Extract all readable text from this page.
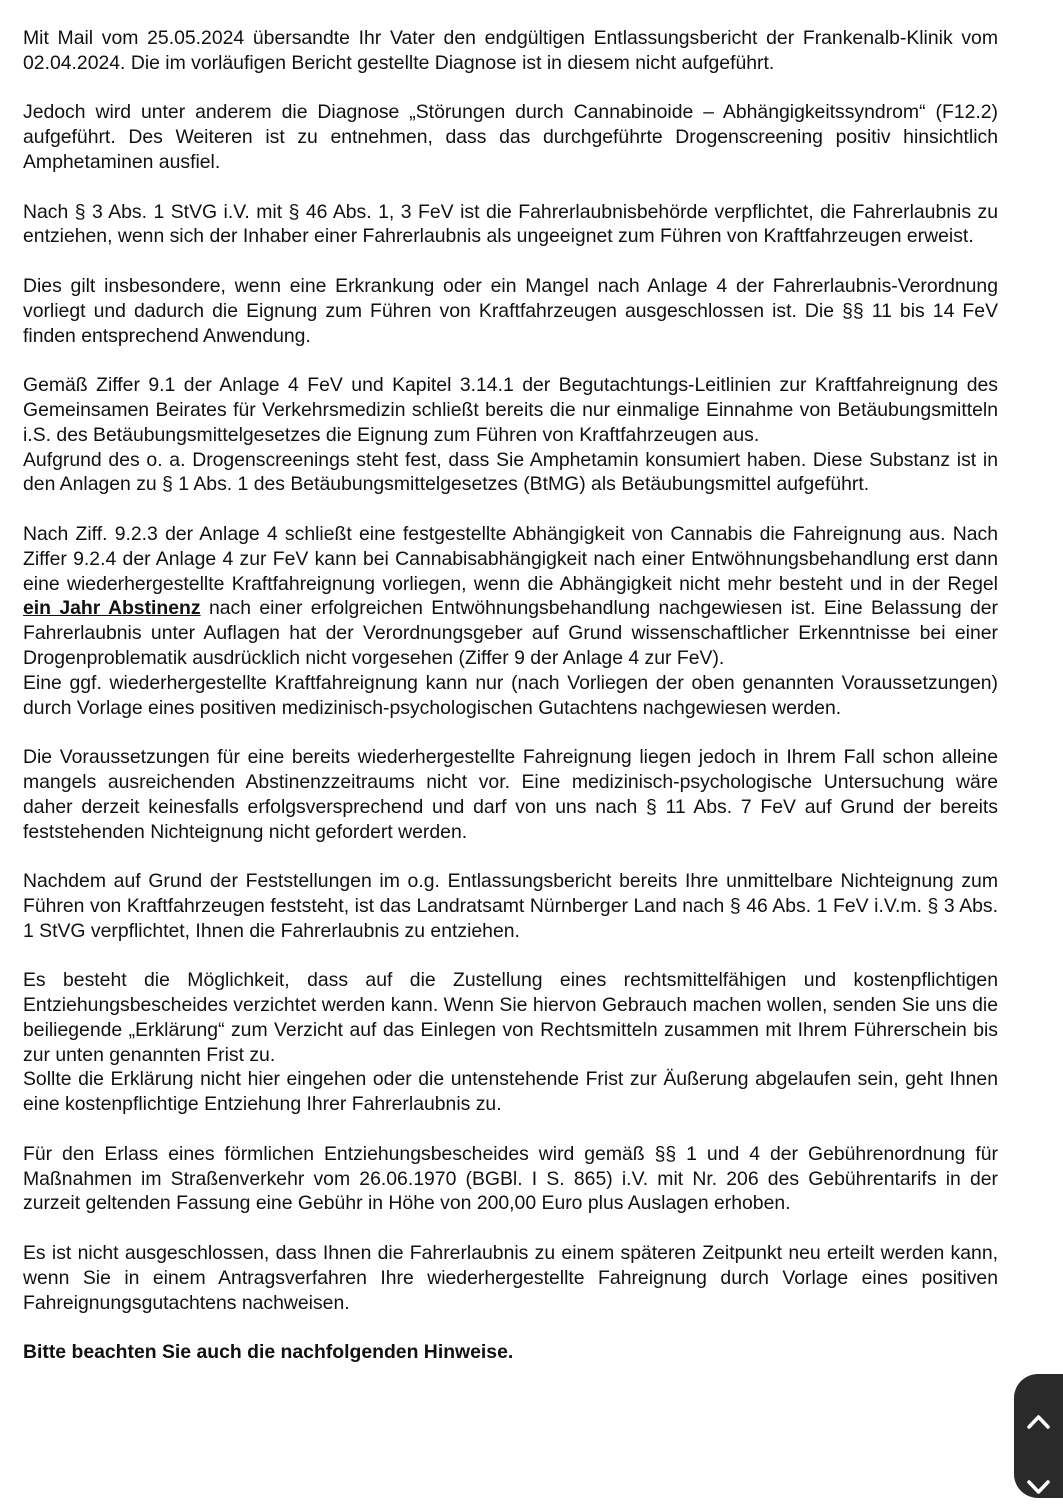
Mit Mail vom 25.05.2024 übersandte Ihr Vater den endgültigen Entlassungsbericht der Frankenalb-Klinik vom 02.04.2024. Die im vorläufigen Bericht gestellte Diagnose ist in diesem nicht aufgeführt.

Jedoch wird unter anderem die Diagnose „Störungen durch Cannabinoide – Abhängigkeitssyndrom“ (F12.2) aufgeführt. Des Weiteren ist zu entnehmen, dass das durchgeführte Drogenscreening positiv hinsichtlich Amphetaminen ausfiel.

Nach § 3 Abs. 1 StVG i.V. mit § 46 Abs. 1, 3 FeV ist die Fahrerlaubnisbehörde verpflichtet, die Fahrerlaubnis zu entziehen, wenn sich der Inhaber einer Fahrerlaubnis als ungeeignet zum Führen von Kraftfahrzeugen erweist.

Dies gilt insbesondere, wenn eine Erkrankung oder ein Mangel nach Anlage 4 der Fahrerlaubnis-Verordnung vorliegt und dadurch die Eignung zum Führen von Kraftfahrzeugen ausgeschlossen ist. Die §§ 11 bis 14 FeV finden entsprechend Anwendung.

Gemäß Ziffer 9.1 der Anlage 4 FeV und Kapitel 3.14.1 der Begutachtungs-Leitlinien zur Kraftfahreignung des Gemeinsamen Beirates für Verkehrsmedizin schließt bereits die nur einmalige Einnahme von Betäubungsmitteln i.S. des Betäubungsmittelgesetzes die Eignung zum Führen von Kraftfahrzeugen aus.

Aufgrund des o. a. Drogenscreenings steht fest, dass Sie Amphetamin konsumiert haben. Diese Substanz ist in den Anlagen zu § 1 Abs. 1 des Betäubungsmittelgesetzes (BtMG) als Betäubungsmittel aufgeführt.

Nach Ziff. 9.2.3 der Anlage 4 schließt eine festgestellte Abhängigkeit von Cannabis die Fahreignung aus. Nach Ziffer 9.2.4 der Anlage 4 zur FeV kann bei Cannabisabhängigkeit nach einer Entwöhnungsbehandlung erst dann eine wiederhergestellte Kraftfahreignung vorliegen, wenn die Abhängigkeit nicht mehr besteht und in der Regel ein Jahr Abstinenz nach einer erfolgreichen Entwöhnungsbehandlung nachgewiesen ist. Eine Belassung der Fahrerlaubnis unter Auflagen hat der Verordnungsgeber auf Grund wissenschaftlicher Erkenntnisse bei einer Drogenproblematik ausdrücklich nicht vorgesehen (Ziffer 9 der Anlage 4 zur FeV).

Eine ggf. wiederhergestellte Kraftfahreignung kann nur (nach Vorliegen der oben genannten Voraussetzungen) durch Vorlage eines positiven medizinisch-psychologischen Gutachtens nachgewiesen werden.

Die Voraussetzungen für eine bereits wiederhergestellte Fahreignung liegen jedoch in Ihrem Fall schon alleine mangels ausreichenden Abstinenzzeitraums nicht vor. Eine medizinisch-psychologische Untersuchung wäre daher derzeit keinesfalls erfolgsversprechend und darf von uns nach § 11 Abs. 7 FeV auf Grund der bereits feststehenden Nichteignung nicht gefordert werden.

Nachdem auf Grund der Feststellungen im o.g. Entlassungsbericht bereits Ihre unmittelbare Nichteignung zum Führen von Kraftfahrzeugen feststeht, ist das Landratsamt Nürnberger Land nach § 46 Abs. 1 FeV i.V.m. § 3 Abs. 1 StVG verpflichtet, Ihnen die Fahrerlaubnis zu entziehen.

Es besteht die Möglichkeit, dass auf die Zustellung eines rechtsmittelfähigen und kostenpflichtigen Entziehungsbescheides verzichtet werden kann. Wenn Sie hiervon Gebrauch machen wollen, senden Sie uns die beiliegende „Erklärung“ zum Verzicht auf das Einlegen von Rechtsmitteln zusammen mit Ihrem Führerschein bis zur unten genannten Frist zu.

Sollte die Erklärung nicht hier eingehen oder die untenstehende Frist zur Äußerung abgelaufen sein, geht Ihnen eine kostenpflichtige Entziehung Ihrer Fahrerlaubnis zu.

Für den Erlass eines förmlichen Entziehungsbescheides wird gemäß §§ 1 und 4 der Gebührenordnung für Maßnahmen im Straßenverkehr vom 26.06.1970 (BGBl. I S. 865) i.V. mit Nr. 206 des Gebührentarifs in der zurzeit geltenden Fassung eine Gebühr in Höhe von 200,00 Euro plus Auslagen erhoben.

Es ist nicht ausgeschlossen, dass Ihnen die Fahrerlaubnis zu einem späteren Zeitpunkt neu erteilt werden kann, wenn Sie in einem Antragsverfahren Ihre wiederhergestellte Fahreignung durch Vorlage eines positiven Fahreignungsgutachtens nachweisen.

Bitte beachten Sie auch die nachfolgenden Hinweise.
